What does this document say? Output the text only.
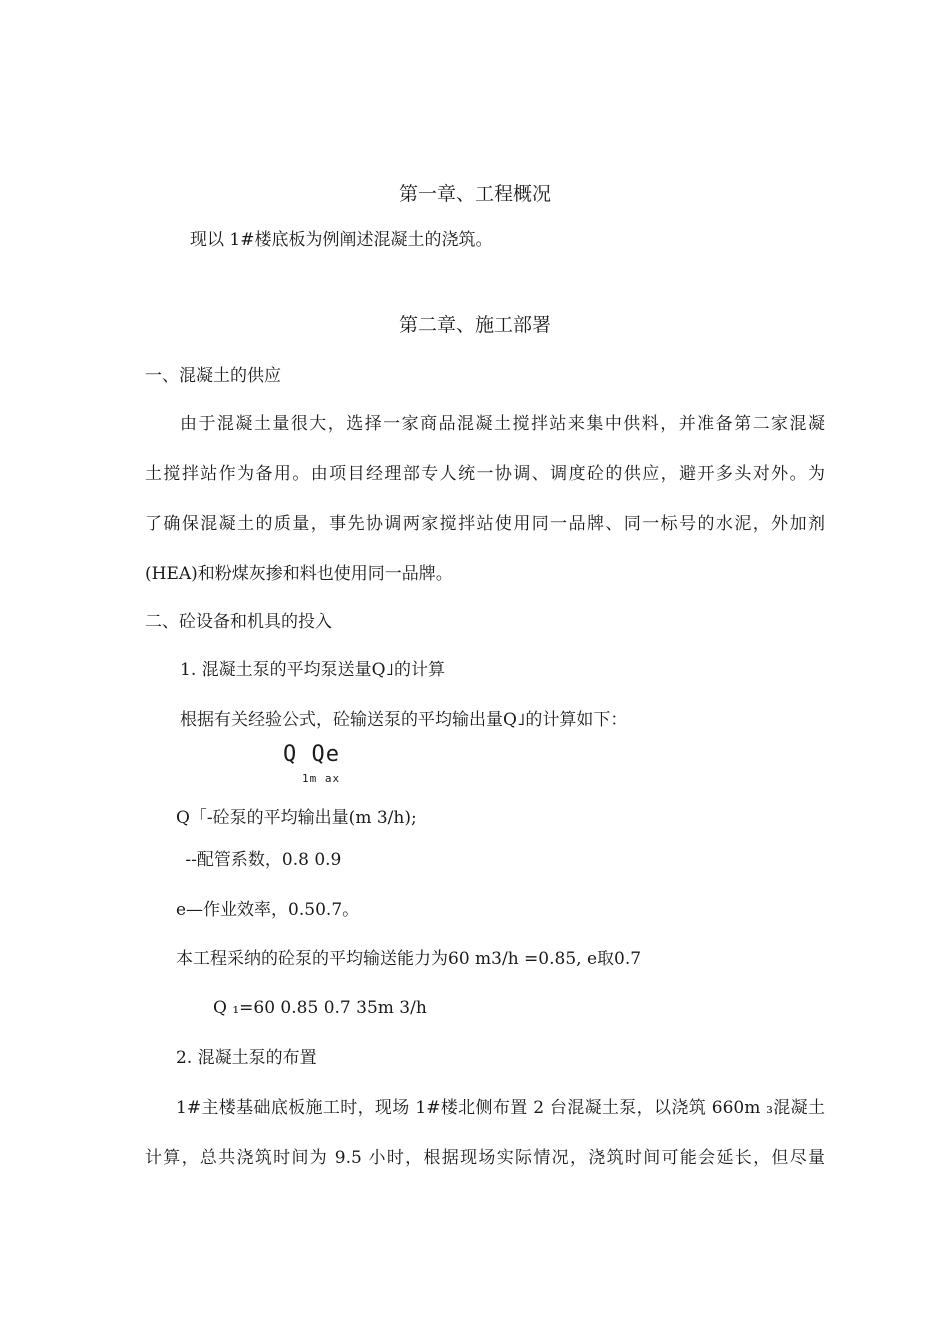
第一章、工程概况
现以 1#楼底板为例阐述混凝土的浇筑。
第二章、施工部署
一、混凝土的供应
由于混凝土量很大，选择一家商品混凝土搅拌站来集中供料，并准备第二家混凝
土搅拌站作为备用。由项目经理部专人统一协调、调度砼的供应，避开多头对外。为
了确保混凝土的质量，事先协调两家搅拌站使用同一品牌、同一标号的水泥，外加剂
(HEA)和粉煤灰掺和料也使用同一品牌。
二、砼设备和机具的投入
1. 混凝土泵的平均泵送量Q˩的计算
根据有关经验公式，砼输送泵的平均输出量Q˩的计算如下：
Q Qe
1m ax
Q「-砼泵的平均输出量(m 3/h);
--配管系数，0.8 0.9
e—作业效率，0.50.7。
本工程采纳的砼泵的平均输送能力为60 m3/h =0.85, e取0.7
Q ₁=60 0.85 0.7 35m 3/h
2. 混凝土泵的布置
1#主楼基础底板施工时，现场 1#楼北侧布置 2 台混凝土泵，以浇筑 660m ₃混凝土
计算，总共浇筑时间为 9.5 小时，根据现场实际情况，浇筑时间可能会延长，但尽量
